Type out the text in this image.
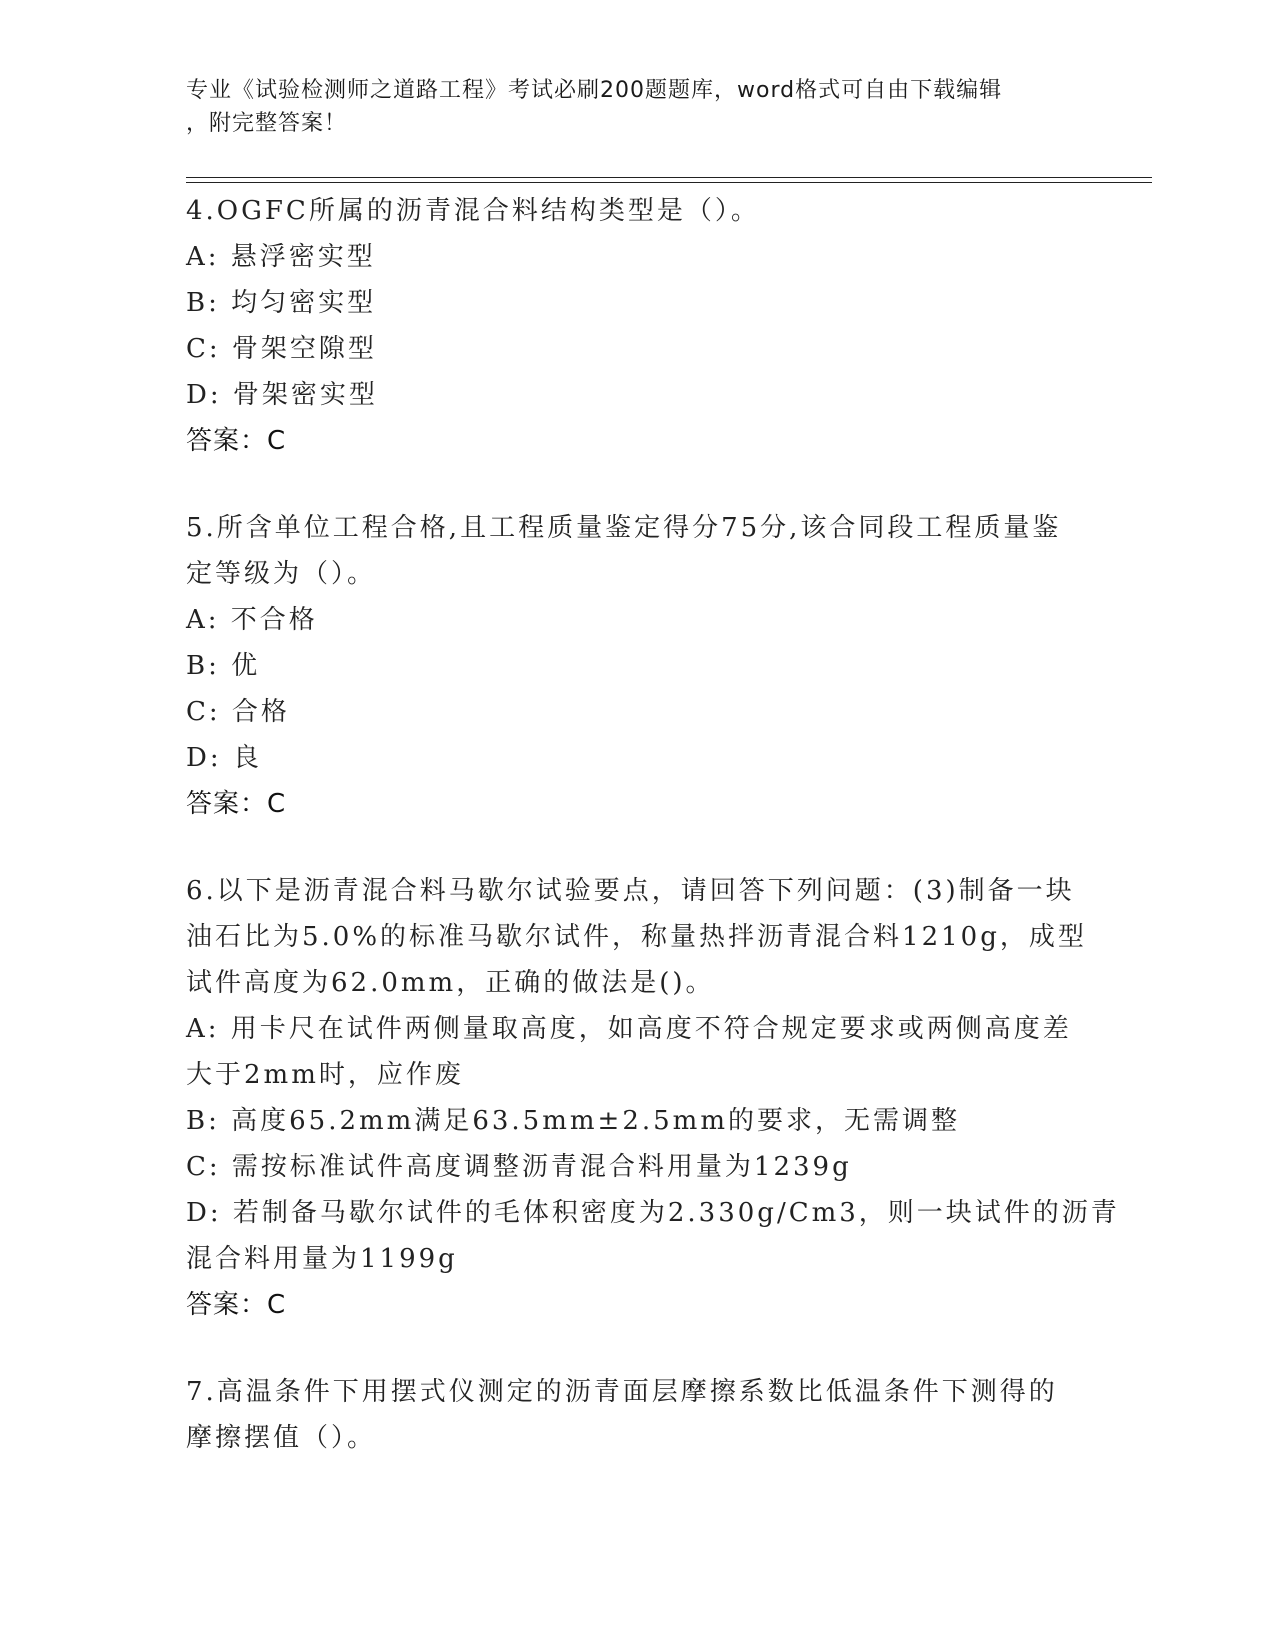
专业《试验检测师之道路工程》考试必刷200题题库，word格式可自由下载编辑
，附完整答案！
4.OGFC所属的沥青混合料结构类型是（）。
A: 悬浮密实型
B: 均匀密实型
C: 骨架空隙型
D: 骨架密实型
答案：C
5.所含单位工程合格,且工程质量鉴定得分75分,该合同段工程质量鉴
定等级为（）。
A: 不合格
B: 优
C: 合格
D: 良
答案：C
6.以下是沥青混合料马歇尔试验要点，请回答下列问题：(3)制备一块
油石比为5.0%的标准马歇尔试件，称量热拌沥青混合料1210g，成型
试件高度为62.0mm，正确的做法是()。
A: 用卡尺在试件两侧量取高度，如高度不符合规定要求或两侧高度差
大于2mm时，应作废
B: 高度65.2mm满足63.5mm±2.5mm的要求，无需调整
C: 需按标准试件高度调整沥青混合料用量为1239g
D: 若制备马歇尔试件的毛体积密度为2.330g/Cm3，则一块试件的沥青
混合料用量为1199g
答案：C
7.高温条件下用摆式仪测定的沥青面层摩擦系数比低温条件下测得的
摩擦摆值（）。
